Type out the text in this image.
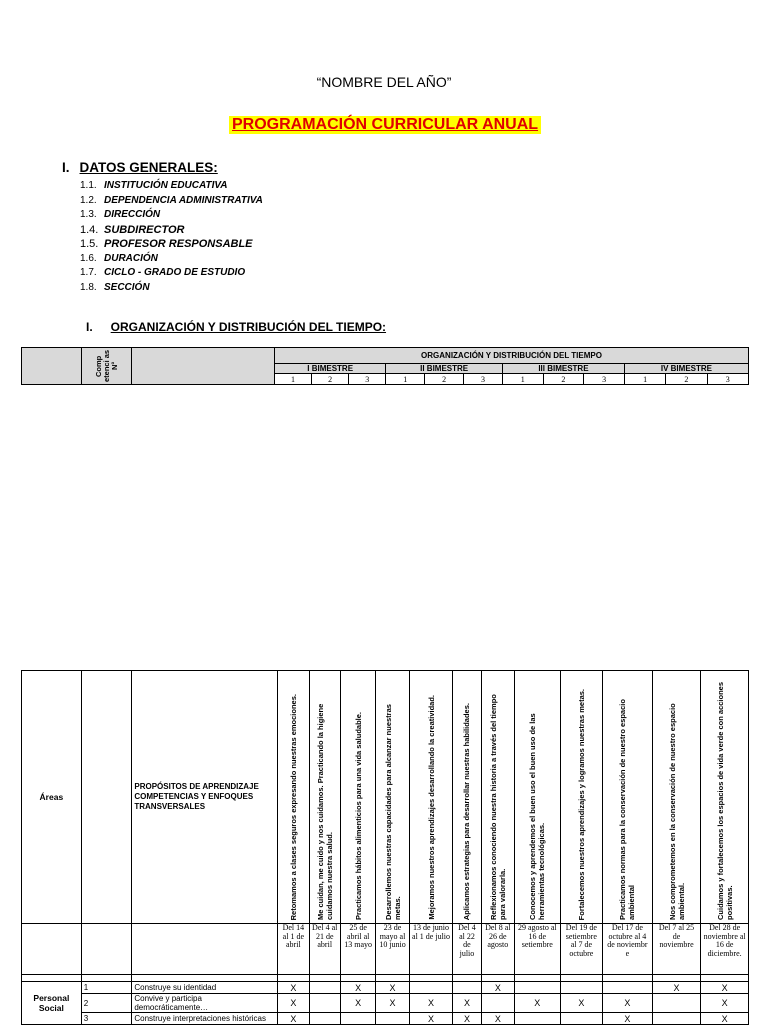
“NOMBRE DEL AÑO”
PROGRAMACIÓN CURRICULAR ANUAL
I. DATOS GENERALES:
1.1. INSTITUCIÓN EDUCATIVA
1.2. DEPENDENCIA ADMINISTRATIVA
1.3. DIRECCIÓN
1.4. SUBDIRECTOR
1.5. PROFESOR RESPONSABLE
1.6. DURACIÓN
1.7. CICLO - GRADO DE ESTUDIO
1.8. SECCIÓN
I. ORGANIZACIÓN Y DISTRIBUCIÓN DEL TIEMPO:

	Comp etenci as N°		ORGANIZACIÓN Y DISTRIBUCIÓN DEL TIEMPO											
			I BIMESTRE			II BIMESTRE			III BIMESTRE			IV BIMESTRE		
			1	2	3	1	2	3	1	2	3	1	2	3
Áreas		PROPÓSITOS DE APRENDIZAJE COMPETENCIAS Y ENFOQUES TRANSVERSALES	Retomamos a clases seguros expresando nuestras emociones.	Me cuidan, me cuido y nos cuidamos. Practicando la higiene cuidamos nuestra salud.	Practicamos hábitos alimenticios para una vida saludable.	Desarrollemos nuestras capacidades para alcanzar nuestras metas.	Mejoramos nuestros aprendizajes desarrollando la creatividad.	Aplicamos estrategias para desarrollar nuestras habilidades.	Reflexionamos conociendo nuestra historia a través del tiempo para valorarla.	Conocemos y aprendemos el buen uso el buen uso de las herramientas tecnológicas.	Fortalecemos nuestros aprendizajes y logramos nuestras metas.	Practicamos normas para la conservación de nuestro espacio ambiental	Nos comprometemos en la conservación de nuestro espacio ambiental.	Cuidamos y fortalecemos los espacios de vida verde con acciones positivas.

			Del 14 al 1 de abril	Del 4 al 21 de abril	25 de abril al 13 mayo	23 de mayo al 10 junio	13 de junio al 1 de julio	Del 4 al 22 de julio	Del 8 al 26 de agosto	29 agosto al 16 de setiembre	Del 19 de setiembre al 7 de octubre	Del 17 de octubre al 4 de noviembr e	Del 7 al 25 de noviembre	Del 28 de noviembre al 16 de diciembre.

Personal Social	1	Construye su identidad	X		X	X			X				X	X
	2	Convive y participa democráticamente…	X		X	X	X	X		X	X	X		X
	3	Construye interpretaciones históricas	X				X	X	X			X		X
